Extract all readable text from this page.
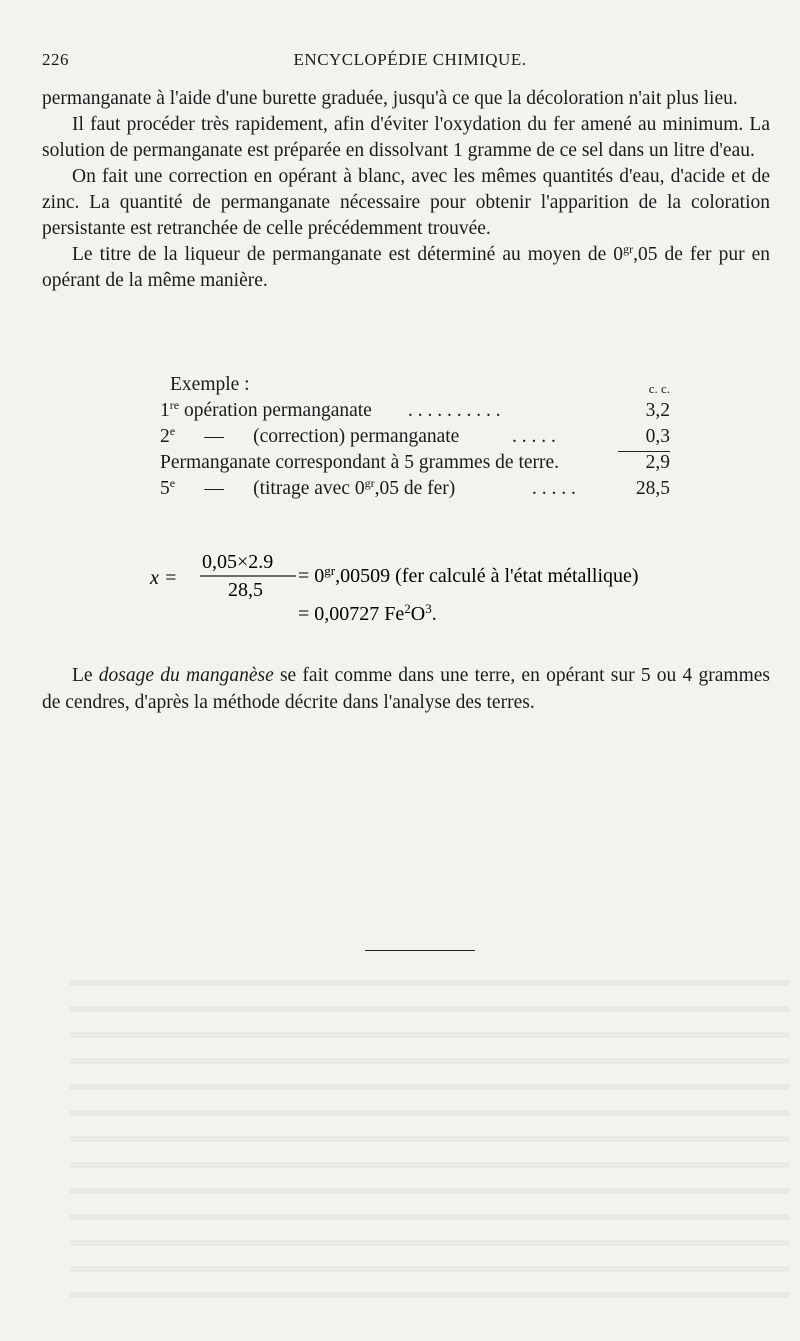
226	ENCYCLOPÉDIE CHIMIQUE.

permanganate à l'aide d'une burette graduée, jusqu'à ce que la décoloration n'ait plus lieu.

Il faut procéder très rapidement, afin d'éviter l'oxydation du fer amené au minimum. La solution de permanganate est préparée en dissolvant 1 gramme de ce sel dans un litre d'eau.

On fait une correction en opérant à blanc, avec les mêmes quantités d'eau, d'acide et de zinc. La quantité de permanganate nécessaire pour obtenir l'apparition de la coloration persistante est retranchée de celle précédemment trouvée.

Le titre de la liqueur de permanganate est déterminé au moyen de $0^{gr},05$ de fer pur en opérant de la même manière.

Exemple :	c. c.
1re opération permanganate . . . . . . . . . .	3,2
2e      —      (correction) permanganate	. . . . .	0,3
Permanganate correspondant à 5 grammes de terre.	2,9
5e      —      (titrage avec $0^{gr},05$ de fer)	. . . . .	28,5
x =
0,05×2.9
28,5
= $0^{gr},00509$ (fer calculé à l'état métallique)
= 0,00727 $Fe^2O^3$.

Le dosage du manganèse se fait comme dans une terre, en opérant sur 5 ou 4 grammes de cendres, d'après la méthode décrite dans l'analyse des terres.
